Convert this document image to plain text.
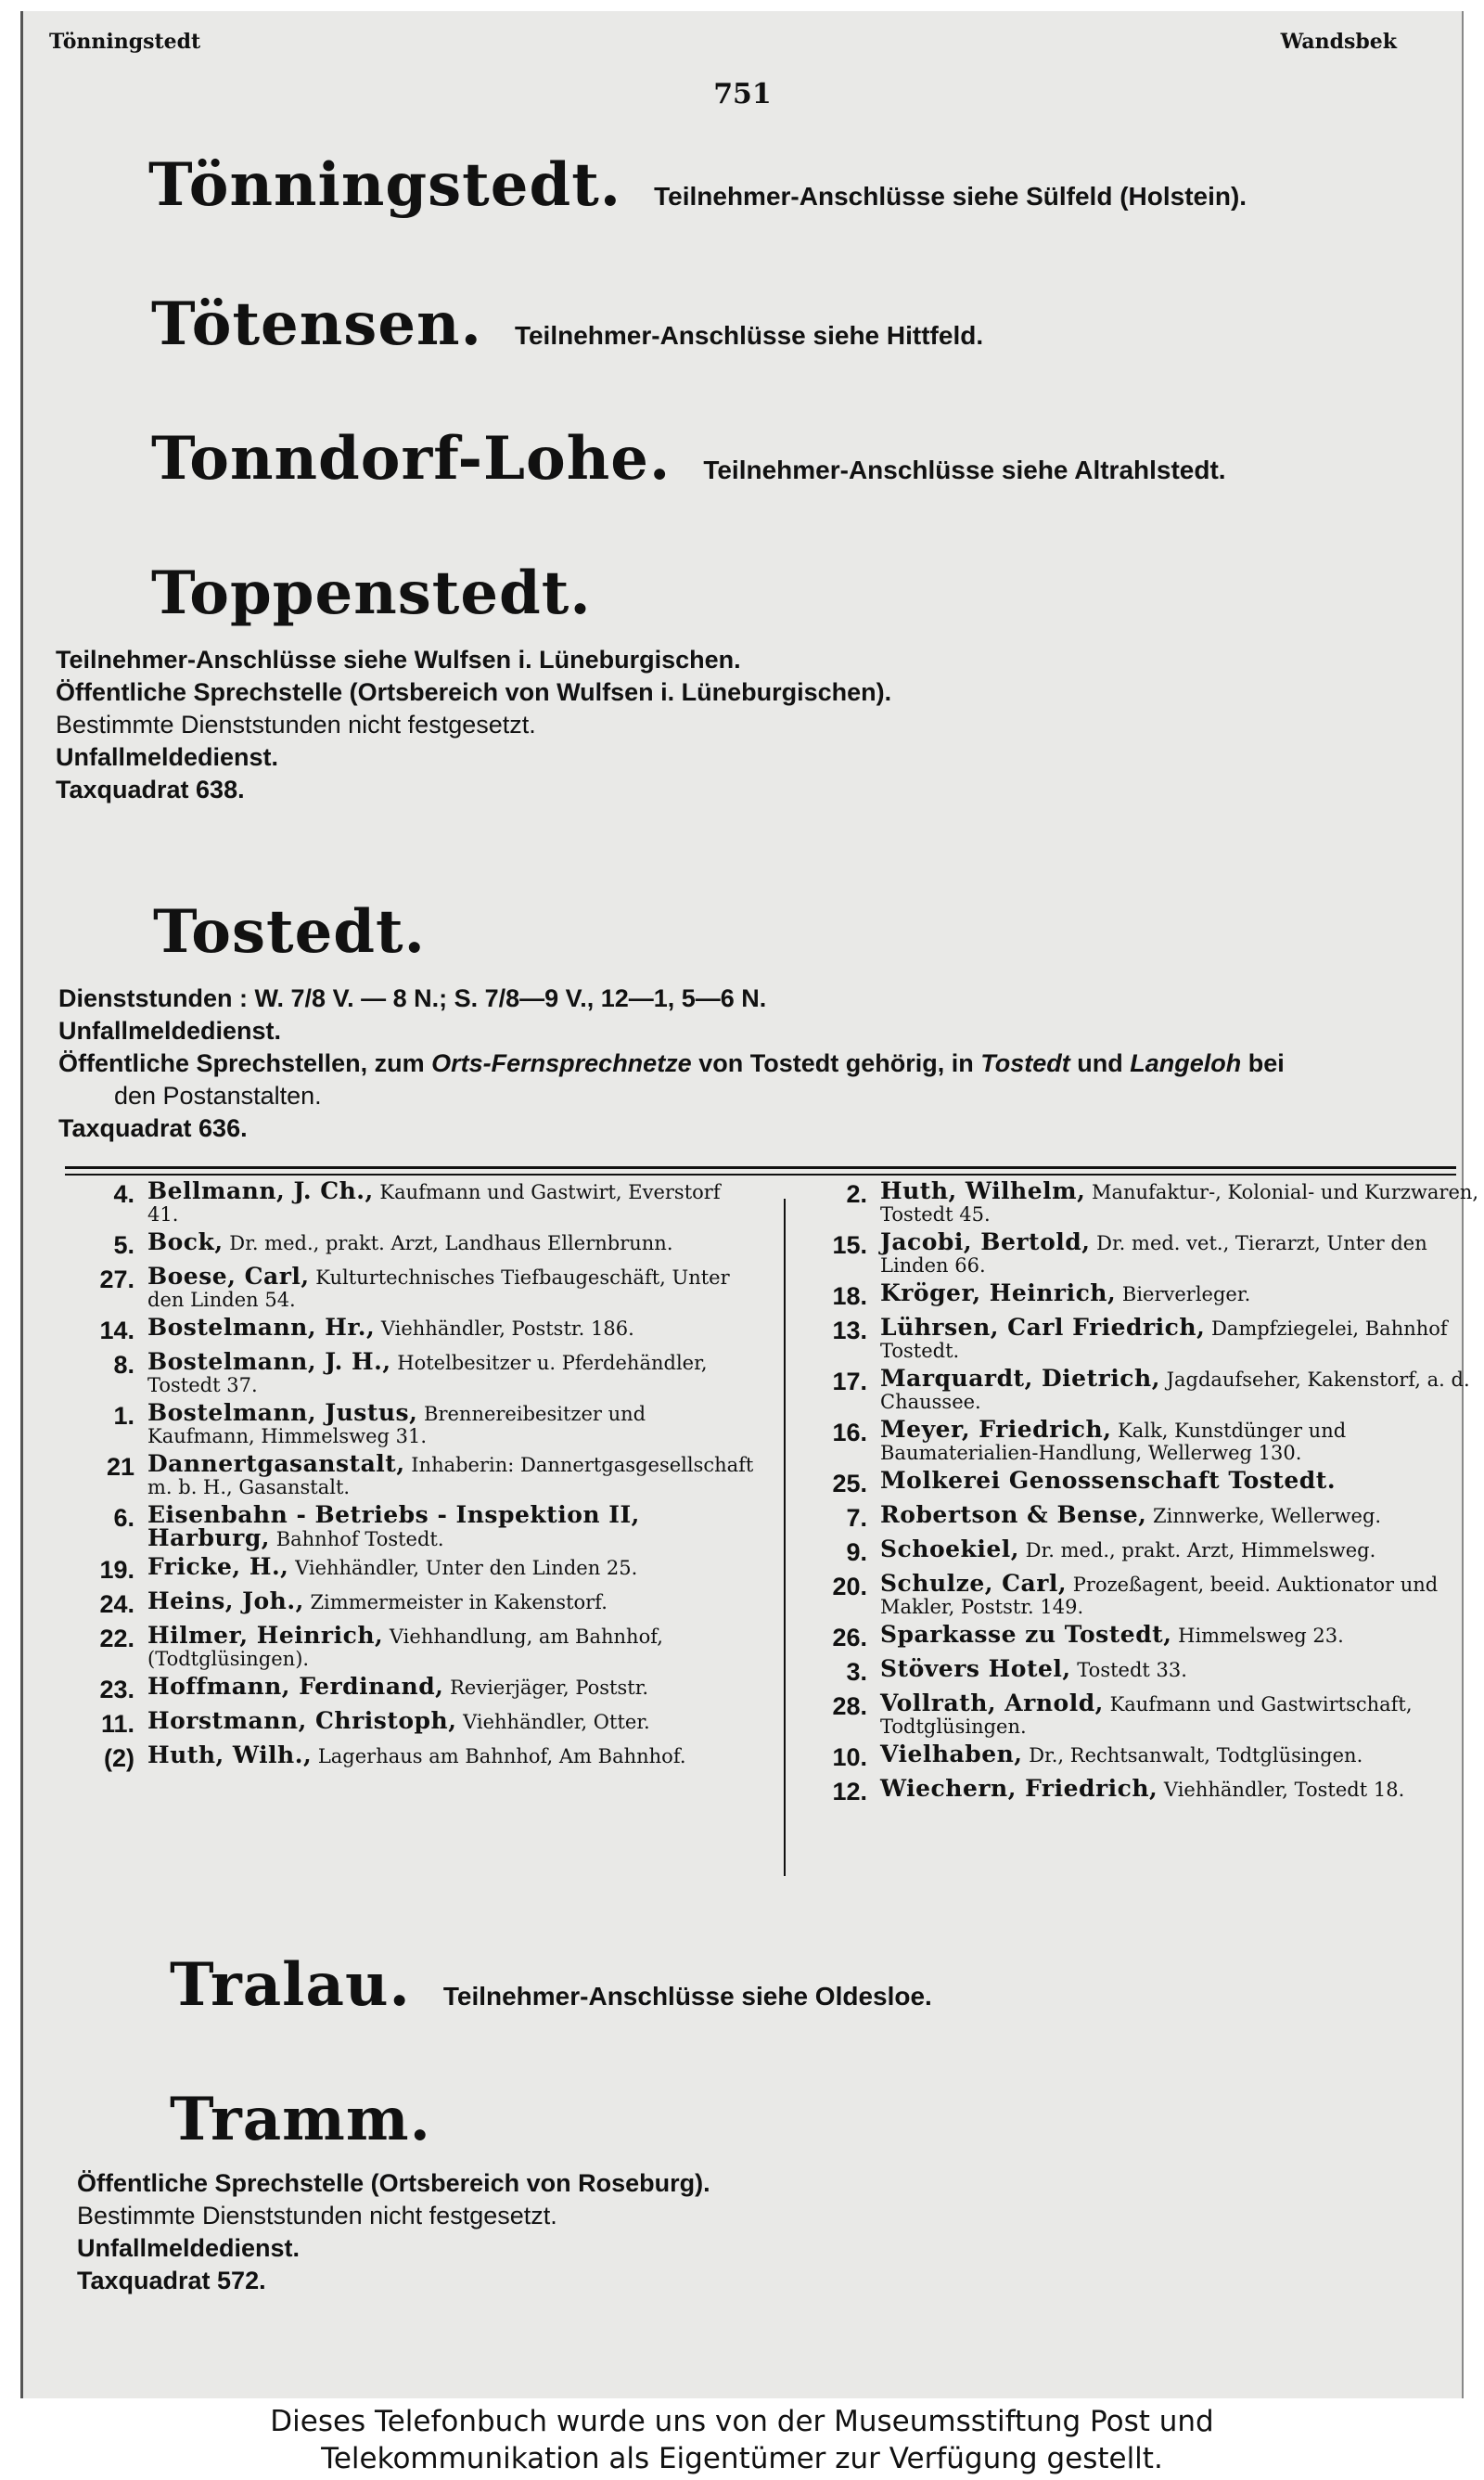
Tönningstedt	Wandsbek
751
Tönningstedt. Teilnehmer-Anschlüsse siehe Sülfeld (Holstein).
Tötensen. Teilnehmer-Anschlüsse siehe Hittfeld.
Tonndorf-Lohe. Teilnehmer-Anschlüsse siehe Altrahlstedt.
Toppenstedt.
Teilnehmer-Anschlüsse siehe Wulfsen i. Lüneburgischen.
Öffentliche Sprechstelle (Ortsbereich von Wulfsen i. Lüneburgischen).
Bestimmte Dienststunden nicht festgesetzt.
Unfallmeldedienst.
Taxquadrat 638.
Tostedt.
Dienststunden : W. 7/8 V. — 8 N.; S. 7/8—9 V., 12—1, 5—6 N.
Unfallmeldedienst.
Öffentliche Sprechstellen, zum Orts-Fernsprechnetze von Tostedt gehörig, in Tostedt und Langeloh bei
den Postanstalten.
Taxquadrat 636.
4. Bellmann, J. Ch., Kaufmann und Gastwirt, Everstorf 41.
5. Bock, Dr. med., prakt. Arzt, Landhaus Ellernbrunn.
27. Boese, Carl, Kulturtechnisches Tiefbaugeschäft, Unter den Linden 54.
14. Bostelmann, Hr., Viehhändler, Poststr. 186.
8. Bostelmann, J. H., Hotelbesitzer u. Pferdehändler, Tostedt 37.
1. Bostelmann, Justus, Brennereibesitzer und Kaufmann, Himmelsweg 31.
21 Dannertgasanstalt, Inhaberin: Dannertgasgesellschaft m. b. H., Gasanstalt.
6. Eisenbahn - Betriebs - Inspektion II, Harburg, Bahnhof Tostedt.
19. Fricke, H., Viehhändler, Unter den Linden 25.
24. Heins, Joh., Zimmermeister in Kakenstorf.
22. Hilmer, Heinrich, Viehhandlung, am Bahnhof, (Todtglüsingen).
23. Hoffmann, Ferdinand, Revierjäger, Poststr.
11. Horstmann, Christoph, Viehhändler, Otter.
(2) Huth, Wilh., Lagerhaus am Bahnhof, Am Bahnhof.
2. Huth, Wilhelm, Manufaktur-, Kolonial- und Kurzwaren, Tostedt 45.
15. Jacobi, Bertold, Dr. med. vet., Tierarzt, Unter den Linden 66.
18. Kröger, Heinrich, Bierverleger.
13. Lührsen, Carl Friedrich, Dampfziegelei, Bahnhof Tostedt.
17. Marquardt, Dietrich, Jagdaufseher, Kakenstorf, a. d. Chaussee.
16. Meyer, Friedrich, Kalk, Kunstdünger und Baumaterialien-Handlung, Wellerweg 130.
25. Molkerei Genossenschaft Tostedt.
7. Robertson & Bense, Zinnwerke, Wellerweg.
9. Schoekiel, Dr. med., prakt. Arzt, Himmelsweg.
20. Schulze, Carl, Prozeßagent, beeid. Auktionator und Makler, Poststr. 149.
26. Sparkasse zu Tostedt, Himmelsweg 23.
3. Stövers Hotel, Tostedt 33.
28. Vollrath, Arnold, Kaufmann und Gastwirtschaft, Todtglüsingen.
10. Vielhaben, Dr., Rechtsanwalt, Todtglüsingen.
12. Wiechern, Friedrich, Viehhändler, Tostedt 18.
Tralau. Teilnehmer-Anschlüsse siehe Oldesloe.
Tramm.
Öffentliche Sprechstelle (Ortsbereich von Roseburg).
Bestimmte Dienststunden nicht festgesetzt.
Unfallmeldedienst.
Taxquadrat 572.
Dieses Telefonbuch wurde uns von der Museumsstiftung Post und
Telekommunikation als Eigentümer zur Verfügung gestellt.
